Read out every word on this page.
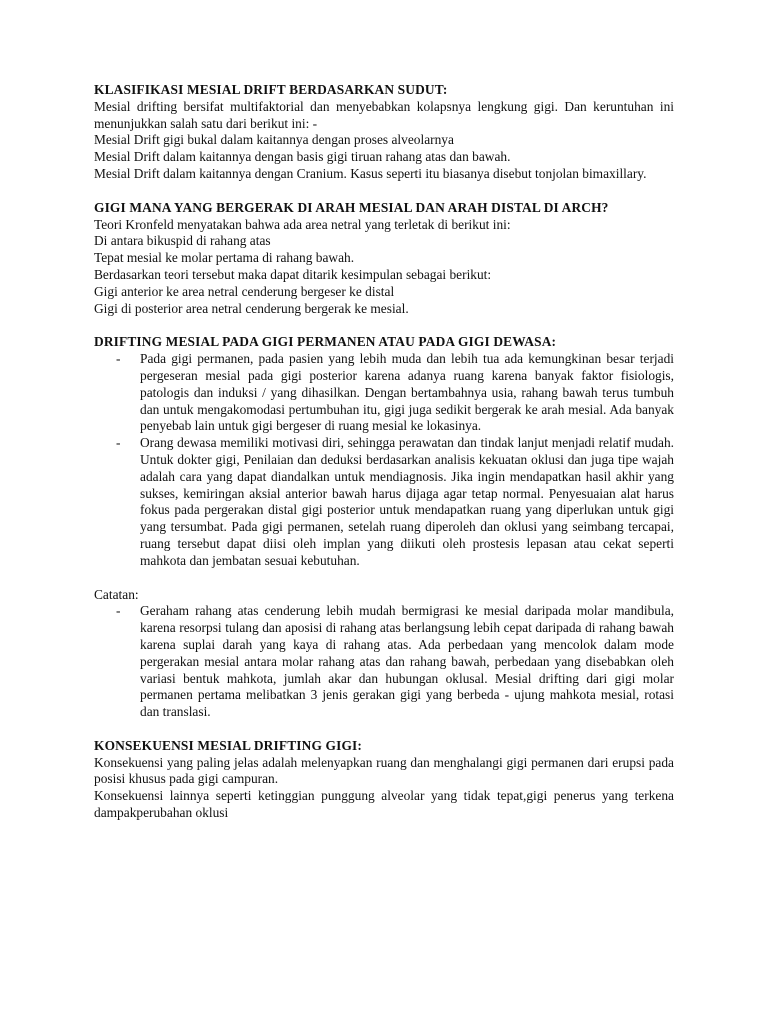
KLASIFIKASI MESIAL DRIFT BERDASARKAN SUDUT:

Mesial drifting bersifat multifaktorial dan menyebabkan kolapsnya lengkung gigi. Dan keruntuhan ini menunjukkan salah satu dari berikut ini: -

Mesial Drift gigi bukal dalam kaitannya dengan proses alveolarnya

Mesial Drift dalam kaitannya dengan basis gigi tiruan rahang atas dan bawah.

Mesial Drift dalam kaitannya dengan Cranium. Kasus seperti itu biasanya disebut tonjolan bimaxillary.

GIGI MANA YANG BERGERAK DI ARAH MESIAL DAN ARAH DISTAL DI ARCH?

Teori Kronfeld menyatakan bahwa ada area netral yang terletak di berikut ini:

Di antara bikuspid di rahang atas

Tepat mesial ke molar pertama di rahang bawah.

Berdasarkan teori tersebut maka dapat ditarik kesimpulan sebagai berikut:

Gigi anterior ke area netral cenderung bergeser ke distal

Gigi di posterior area netral cenderung bergerak ke mesial.

DRIFTING MESIAL PADA GIGI PERMANEN ATAU PADA GIGI DEWASA:
- Pada gigi permanen, pada pasien yang lebih muda dan lebih tua ada kemungkinan besar terjadi pergeseran mesial pada gigi posterior karena adanya ruang karena banyak faktor fisiologis, patologis dan induksi / yang dihasilkan. Dengan bertambahnya usia, rahang bawah terus tumbuh dan untuk mengakomodasi pertumbuhan itu, gigi juga sedikit bergerak ke arah mesial. Ada banyak penyebab lain untuk gigi bergeser di ruang mesial ke lokasinya.
- Orang dewasa memiliki motivasi diri, sehingga perawatan dan tindak lanjut menjadi relatif mudah. Untuk dokter gigi, Penilaian dan deduksi berdasarkan analisis kekuatan oklusi dan juga tipe wajah adalah cara yang dapat diandalkan untuk mendiagnosis. Jika ingin mendapatkan hasil akhir yang sukses, kemiringan aksial anterior bawah harus dijaga agar tetap normal. Penyesuaian alat harus fokus pada pergerakan distal gigi posterior untuk mendapatkan ruang yang diperlukan untuk gigi yang tersumbat. Pada gigi permanen, setelah ruang diperoleh dan oklusi yang seimbang tercapai, ruang tersebut dapat diisi oleh implan yang diikuti oleh prostesis lepasan atau cekat seperti mahkota dan jembatan sesuai kebutuhan.

Catatan:

- Geraham rahang atas cenderung lebih mudah bermigrasi ke mesial daripada molar mandibula, karena resorpsi tulang dan aposisi di rahang atas berlangsung lebih cepat daripada di rahang bawah karena suplai darah yang kaya di rahang atas. Ada perbedaan yang mencolok dalam mode pergerakan mesial antara molar rahang atas dan rahang bawah, perbedaan yang disebabkan oleh variasi bentuk mahkota, jumlah akar dan hubungan oklusal. Mesial drifting dari gigi molar permanen pertama melibatkan 3 jenis gerakan gigi yang berbeda - ujung mahkota mesial, rotasi dan translasi.
KONSEKUENSI MESIAL DRIFTING GIGI:

Konsekuensi yang paling jelas adalah melenyapkan ruang dan menghalangi gigi permanen dari erupsi pada posisi khusus pada gigi campuran.

Konsekuensi lainnya seperti ketinggian punggung alveolar yang tidak tepat,gigi penerus yang terkena dampakperubahan oklusi
